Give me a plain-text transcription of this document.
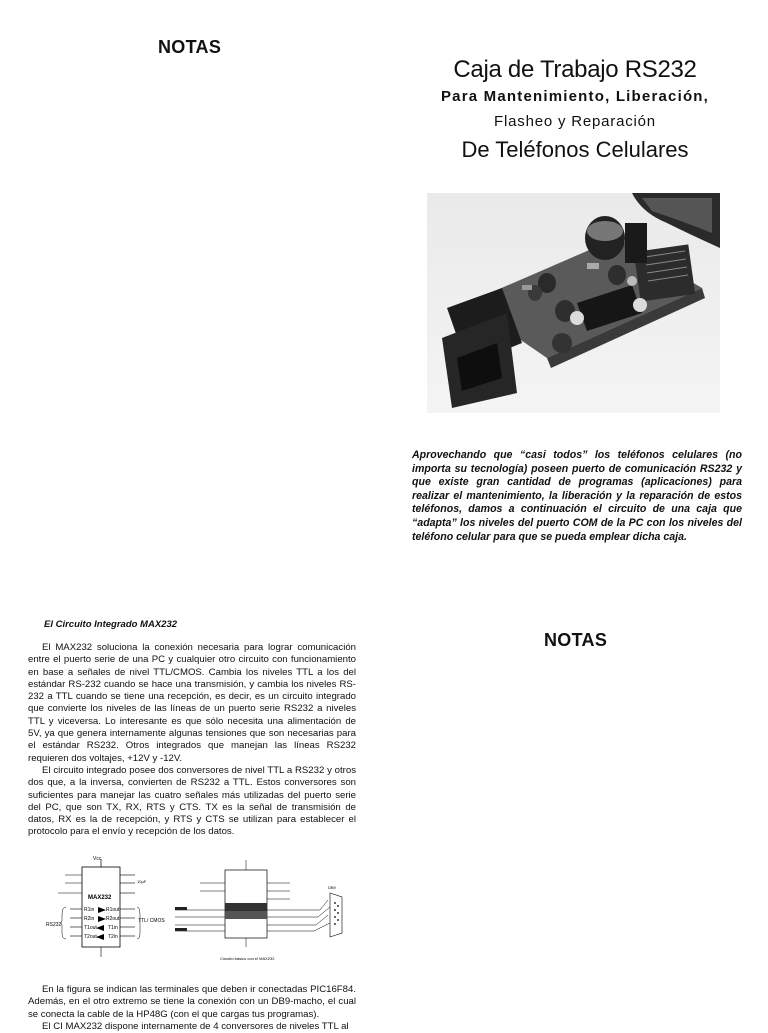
NOTAS

Caja de Trabajo RS232

Para Mantenimiento, Liberación,

Flasheo y Reparación

De Teléfonos Celulares

Aprovechando que “casi todos” los teléfonos celulares (no importa su tecnología) poseen puerto de comunicación RS232 y que existe gran cantidad de programas (aplicaciones) para realizar el mantenimiento, la liberación y la reparación de estos teléfonos, damos a continuación el circuito de una caja que “adapta” los niveles del puerto COM de la PC con los niveles del teléfono celular para que se pueda emplear dicha caja.
El Circuito Integrado MAX232

El MAX232 soluciona la conexión necesaria para lograr comunicación entre el puerto serie de una PC y cualquier otro circuito con funcionamiento en base a señales de nivel TTL/CMOS. Cambia los niveles TTL a los del estándar RS-232 cuando se hace una transmisión, y cambia los niveles RS-232 a TTL cuando se tiene una recepción, es decir, es un circuito integrado que convierte los niveles de las líneas de un puerto serie RS232 a niveles TTL y viceversa. Lo interesante es que sólo necesita una alimentación de 5V, ya que genera internamente algunas tensiones que son necesarias para el estándar RS232. Otros integrados que manejan las líneas RS232 requieren dos voltajes, +12V y -12V.

El circuito integrado posee dos conversores de nivel TTL a RS232 y otros dos que, a la inversa, convierten de RS232 a TTL. Estos conversores son suficientes para manejar las cuatro señales más utilizadas del puerto serie del PC, que son TX, RX, RTS y CTS. TX es la señal de transmisión de datos, RX es la de recepción, y RTS y CTS se utilizan para establecer el protocolo para el envío y recepción de los datos.

NOTAS
Vcc
MAX232
R1in
R2in
T1out
T2out
R1out
R2out
T1in
T2in
RS232
TTL/ CMOS
10µF
DB9
Circuito básico con el MAX232

En la figura se indican las terminales que deben ir conectadas PIC16F84. Además, en el otro extremo se tiene la conexión con un DB9-macho, el cual se conecta la cable de la HP48G (con el que cargas tus programas).

El CI MAX232 dispone internamente de 4 conversores de niveles TTL al
